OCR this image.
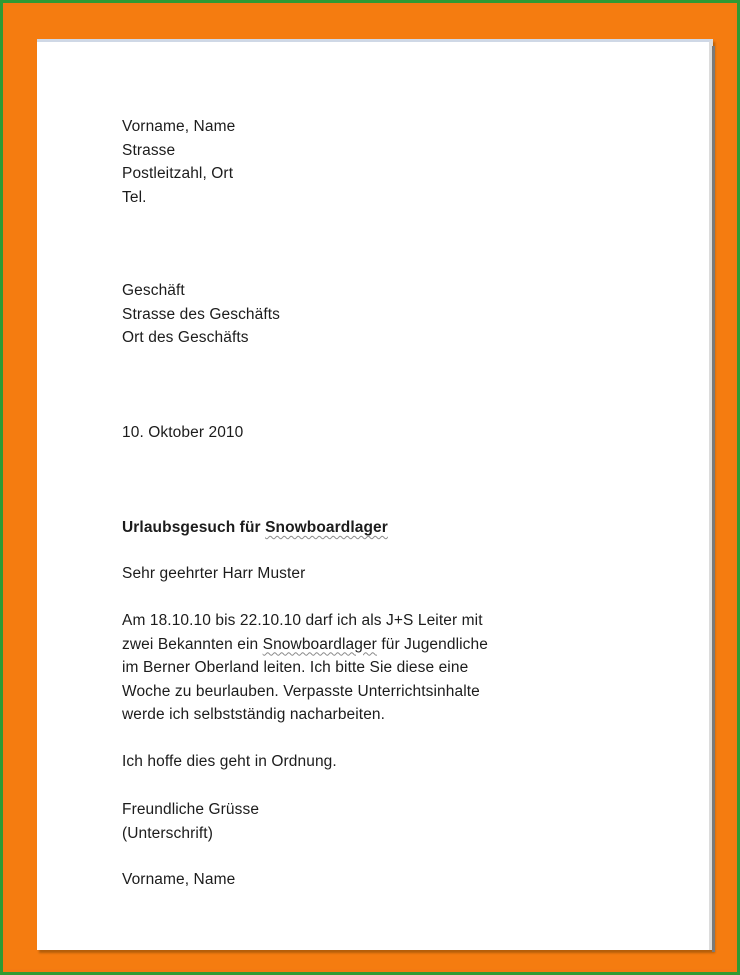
Vorname, Name
Strasse
Postleitzahl, Ort
Tel.
Geschäft
Strasse des Geschäfts
Ort des Geschäfts
10. Oktober 2010
Urlaubsgesuch für Snowboardlager
Sehr geehrter Harr Muster
Am 18.10.10 bis 22.10.10 darf ich als J+S Leiter mit
zwei Bekannten ein Snowboardlager für Jugendliche
im Berner Oberland leiten. Ich bitte Sie diese eine
Woche zu beurlauben. Verpasste Unterrichtsinhalte
werde ich selbstständig nacharbeiten.
Ich hoffe dies geht in Ordnung.
Freundliche Grüsse
(Unterschrift)
Vorname, Name
